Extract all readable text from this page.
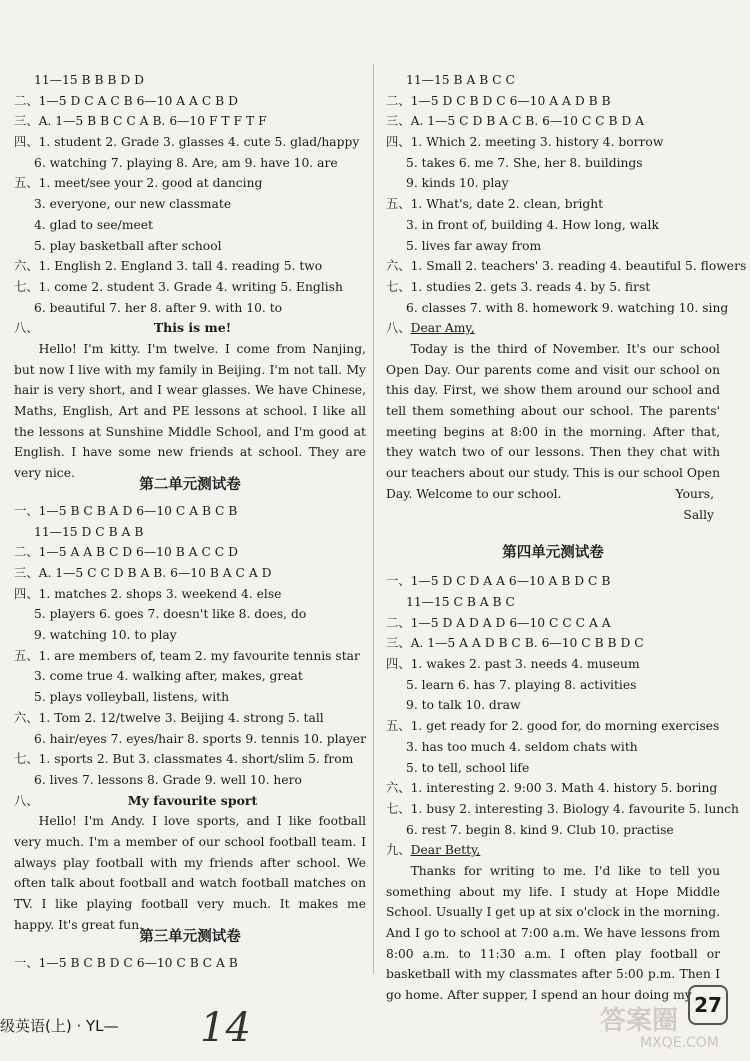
11—15 B B B D D
二、1—5 D C A C B 6—10 A A C B D
三、A. 1—5 B B C C A B. 6—10 F T F T F
四、1. student 2. Grade 3. glasses 4. cute 5. glad/happy
6. watching 7. playing 8. Are, am 9. have 10. are
五、1. meet/see your 2. good at dancing
3. everyone, our new classmate
4. glad to see/meet
5. play basketball after school
六、1. English 2. England 3. tall 4. reading 5. two
七、1. come 2. student 3. Grade 4. writing 5. English
6. beautiful 7. her 8. after 9. with 10. to
八、	This is me!
Hello! I'm kitty. I'm twelve. I come from Nanjing, but now I live with my family in Beijing. I'm not tall. My hair is very short, and I wear glasses. We have Chinese, Maths, English, Art and PE lessons at school. I like all the lessons at Sunshine Middle School, and I'm good at English. I have some new friends at school. They are very nice.
第二单元测试卷
一、1—5 B C B A D 6—10 C A B C B
11—15 D C B A B
二、1—5 A A B C D 6—10 B A C C D
三、A. 1—5 C C D B A B. 6—10 B A C A D
四、1. matches 2. shops 3. weekend 4. else
5. players 6. goes 7. doesn't like 8. does, do
9. watching 10. to play
五、1. are members of, team 2. my favourite tennis star
3. come true 4. walking after, makes, great
5. plays volleyball, listens, with
六、1. Tom 2. 12/twelve 3. Beijing 4. strong 5. tall
6. hair/eyes 7. eyes/hair 8. sports 9. tennis 10. player
七、1. sports 2. But 3. classmates 4. short/slim 5. from
6. lives 7. lessons 8. Grade 9. well 10. hero
八、	My favourite sport
Hello! I'm Andy. I love sports, and I like football very much. I'm a member of our school football team. I always play football with my friends after school. We often talk about football and watch football matches on TV. I like playing football very much. It makes me happy. It's great fun.
第三单元测试卷
一、1—5 B C B D C 6—10 C B C A B
11—15 B A B C C
二、1—5 D C B D C 6—10 A A D B B
三、A. 1—5 C D B A C B. 6—10 C C B D A
四、1. Which 2. meeting 3. history 4. borrow
5. takes 6. me 7. She, her 8. buildings
9. kinds 10. play
五、1. What's, date 2. clean, bright
3. in front of, building 4. How long, walk
5. lives far away from
六、1. Small 2. teachers' 3. reading 4. beautiful 5. flowers
七、1. studies 2. gets 3. reads 4. by 5. first
6. classes 7. with 8. homework 9. watching 10. sing
八、Dear Amy,
Today is the third of November. It's our school Open Day. Our parents come and visit our school on this day. First, we show them around our school and tell them something about our school. The parents' meeting begins at 8:00 in the morning. After that, they watch two of our lessons. Then they chat with our teachers about our study. This is our school Open Day. Welcome to our school.	Yours,
Sally
第四单元测试卷
一、1—5 D C D A A 6—10 A B D C B
11—15 C B A B C
二、1—5 D A D A D 6—10 C C C A A
三、A. 1—5 A A D B C B. 6—10 C B B D C
四、1. wakes 2. past 3. needs 4. museum
5. learn 6. has 7. playing 8. activities
9. to talk 10. draw
五、1. get ready for 2. good for, do morning exercises
3. has too much 4. seldom chats with
5. to tell, school life
六、1. interesting 2. 9:00 3. Math 4. history 5. boring
七、1. busy 2. interesting 3. Biology 4. favourite 5. lunch
6. rest 7. begin 8. kind 9. Club 10. practise
九、Dear Betty,
Thanks for writing to me. I'd like to tell you something about my life. I study at Hope Middle School. Usually I get up at six o'clock in the morning. And I go to school at 7:00 a.m. We have lessons from 8:00 a.m. to 11:30 a.m. I often play football or basketball with my classmates after 5:00 p.m. Then I go home. After supper, I spend an hour doing my
级英语(上) · YL— 14	答案圈
MXQE.COM
27
